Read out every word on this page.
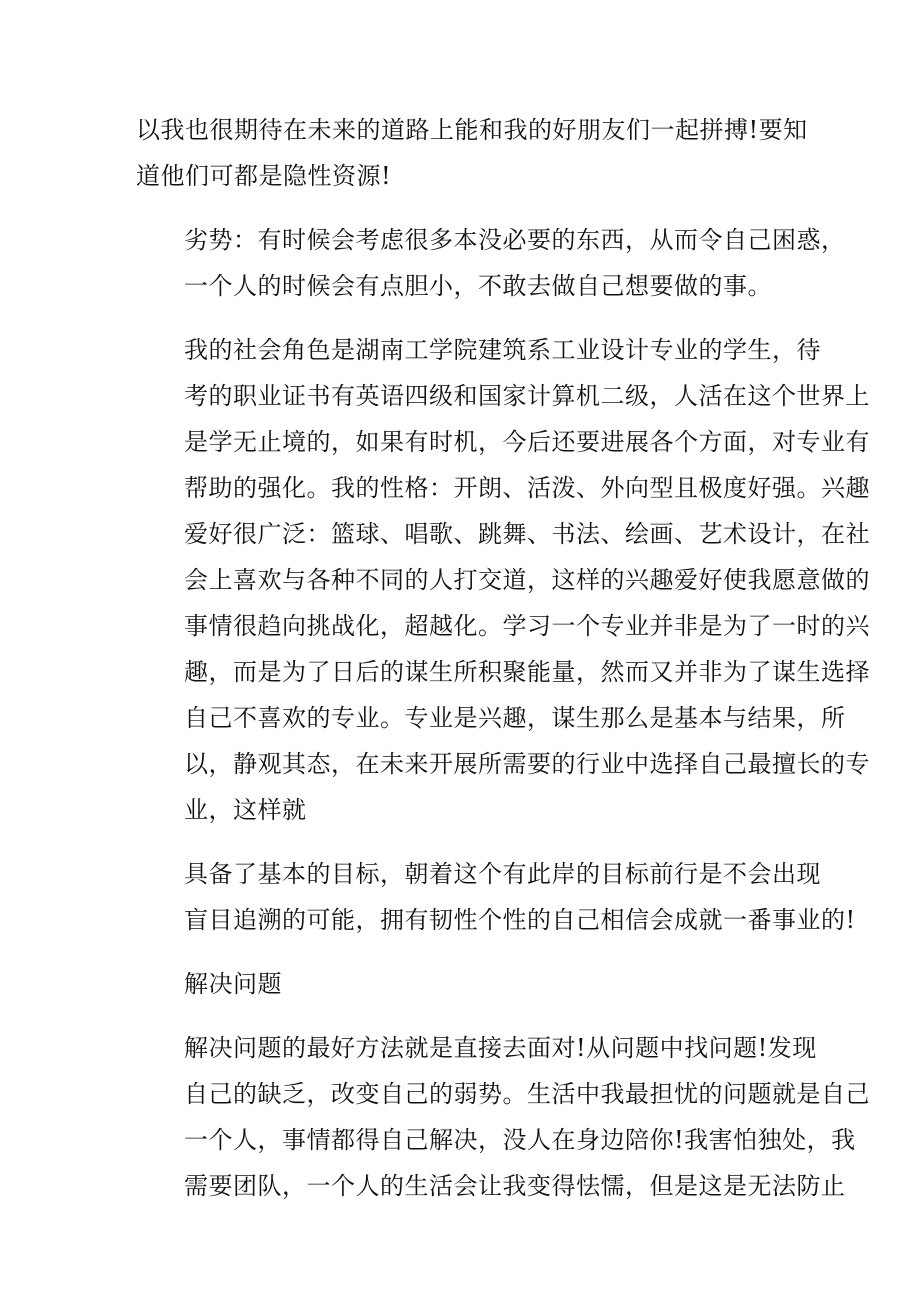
以我也很期待在未来的道路上能和我的好朋友们一起拼搏!要知
道他们可都是隐性资源!

劣势：有时候会考虑很多本没必要的东西，从而令自己困惑，
一个人的时候会有点胆小，不敢去做自己想要做的事。

我的社会角色是湖南工学院建筑系工业设计专业的学生，待
考的职业证书有英语四级和国家计算机二级，人活在这个世界上
是学无止境的，如果有时机，今后还要进展各个方面，对专业有
帮助的强化。我的性格：开朗、活泼、外向型且极度好强。兴趣
爱好很广泛：篮球、唱歌、跳舞、书法、绘画、艺术设计，在社
会上喜欢与各种不同的人打交道，这样的兴趣爱好使我愿意做的
事情很趋向挑战化，超越化。学习一个专业并非是为了一时的兴
趣，而是为了日后的谋生所积聚能量，然而又并非为了谋生选择
自己不喜欢的专业。专业是兴趣，谋生那么是基本与结果，所
以，静观其态，在未来开展所需要的行业中选择自己最擅长的专
业，这样就

具备了基本的目标，朝着这个有此岸的目标前行是不会出现
盲目追溯的可能，拥有韧性个性的自己相信会成就一番事业的!

解决问题

解决问题的最好方法就是直接去面对!从问题中找问题!发现
自己的缺乏，改变自己的弱势。生活中我最担忧的问题就是自己
一个人，事情都得自己解决，没人在身边陪你!我害怕独处，我
需要团队，一个人的生活会让我变得怯懦，但是这是无法防止
